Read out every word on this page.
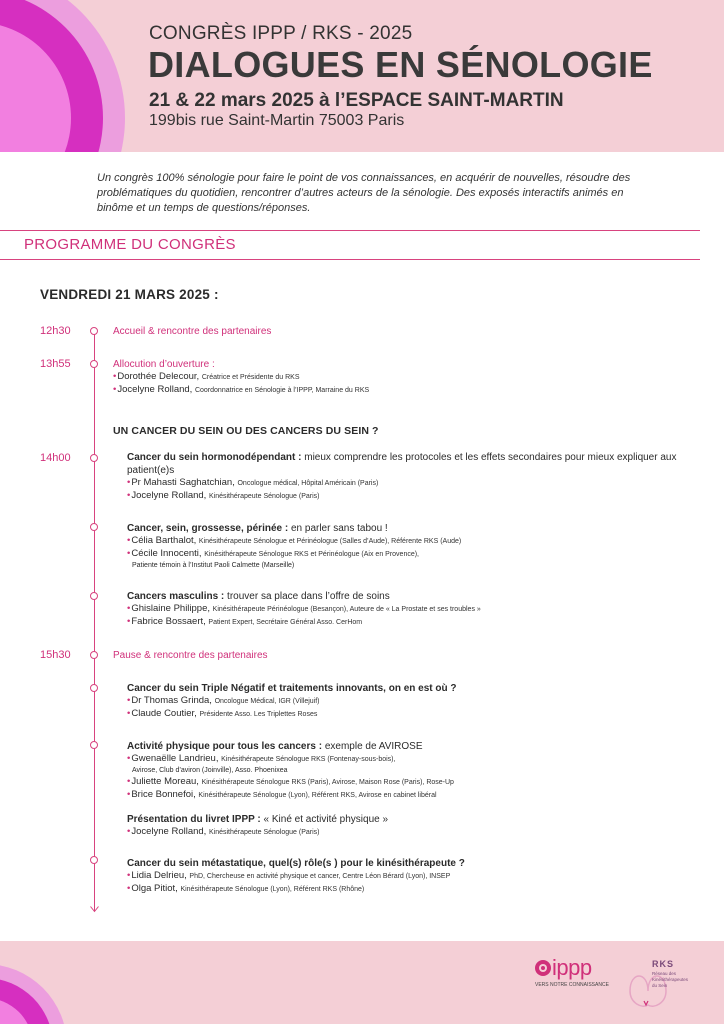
CONGRÈS IPPP / RKS - 2025
DIALOGUES EN SÉNOLOGIE
21 & 22 mars 2025 à l’ESPACE SAINT-MARTIN
199bis rue Saint-Martin 75003 Paris
Un congrès 100% sénologie pour faire le point de vos connaissances, en acquérir de nouvelles, résoudre des problématiques du quotidien, rencontrer d’autres acteurs de la sénologie. Des exposés interactifs animés en binôme et un temps de questions/réponses.
PROGRAMME DU CONGRÈS
VENDREDI 21 MARS 2025 :
12h30	Accueil & rencontre des partenaires
13h55	Allocution d’ouverture :
•Dorothée Delecour, Créatrice et Présidente du RKS
•Jocelyne Rolland, Coordonnatrice en Sénologie à l’IPPP, Marraine du RKS
UN CANCER DU SEIN OU DES CANCERS DU SEIN ?
14h00	Cancer du sein hormonodépendant : mieux comprendre les protocoles et les effets secondaires pour mieux expliquer aux patient(e)s
•Pr Mahasti Saghatchian, Oncologue médical, Hôpital Américain (Paris)
•Jocelyne Rolland, Kinésithérapeute Sénologue (Paris)
Cancer, sein, grossesse, périnée : en parler sans tabou !
•Célia Barthalot, Kinésithérapeute Sénologue et Périnéologue (Salles d’Aude), Référente RKS (Aude)
•Cécile Innocenti, Kinésithérapeute Sénologue RKS et Périnéologue (Aix en Provence),
Patiente témoin à l’Institut Paoli Calmette (Marseille)
Cancers masculins : trouver sa place dans l’offre de soins
•Ghislaine Philippe, Kinésithérapeute Périnéologue (Besançon), Auteure de « La Prostate et ses troubles »
•Fabrice Bossaert, Patient Expert, Secrétaire Général Asso. CerHom
15h30	Pause & rencontre des partenaires
Cancer du sein Triple Négatif et traitements innovants, on en est où ?
•Dr Thomas Grinda, Oncologue Médical, IGR (Villejuif)
•Claude Coutier, Présidente Asso. Les Triplettes Roses
Activité physique pour tous les cancers : exemple de AVIROSE
•Gwenaëlle Landrieu, Kinésithérapeute Sénologue RKS (Fontenay-sous-bois),
Avirose, Club d’aviron (Joinville), Asso. Phoenixea
•Juliette Moreau, Kinésithérapeute Sénologue RKS (Paris), Avirose, Maison Rose (Paris), Rose-Up
•Brice Bonnefoi, Kinésithérapeute Sénologue (Lyon), Référent RKS, Avirose en cabinet libéral
Présentation du livret IPPP : « Kiné et activité physique »
•Jocelyne Rolland, Kinésithérapeute Sénologue (Paris)
Cancer du sein métastatique, quel(s) rôle(s ) pour le kinésithérapeute ?
•Lidia Delrieu, PhD, Chercheuse en activité physique et cancer, Centre Léon Bérard (Lyon), INSEP
•Olga Pitiot, Kinésithérapeute Sénologue (Lyon), Référent RKS (Rhône)
ippp
VERS NOTRE CONNAISSANCE
RKS
Réseau des Kinésithérapeutes du Sein
